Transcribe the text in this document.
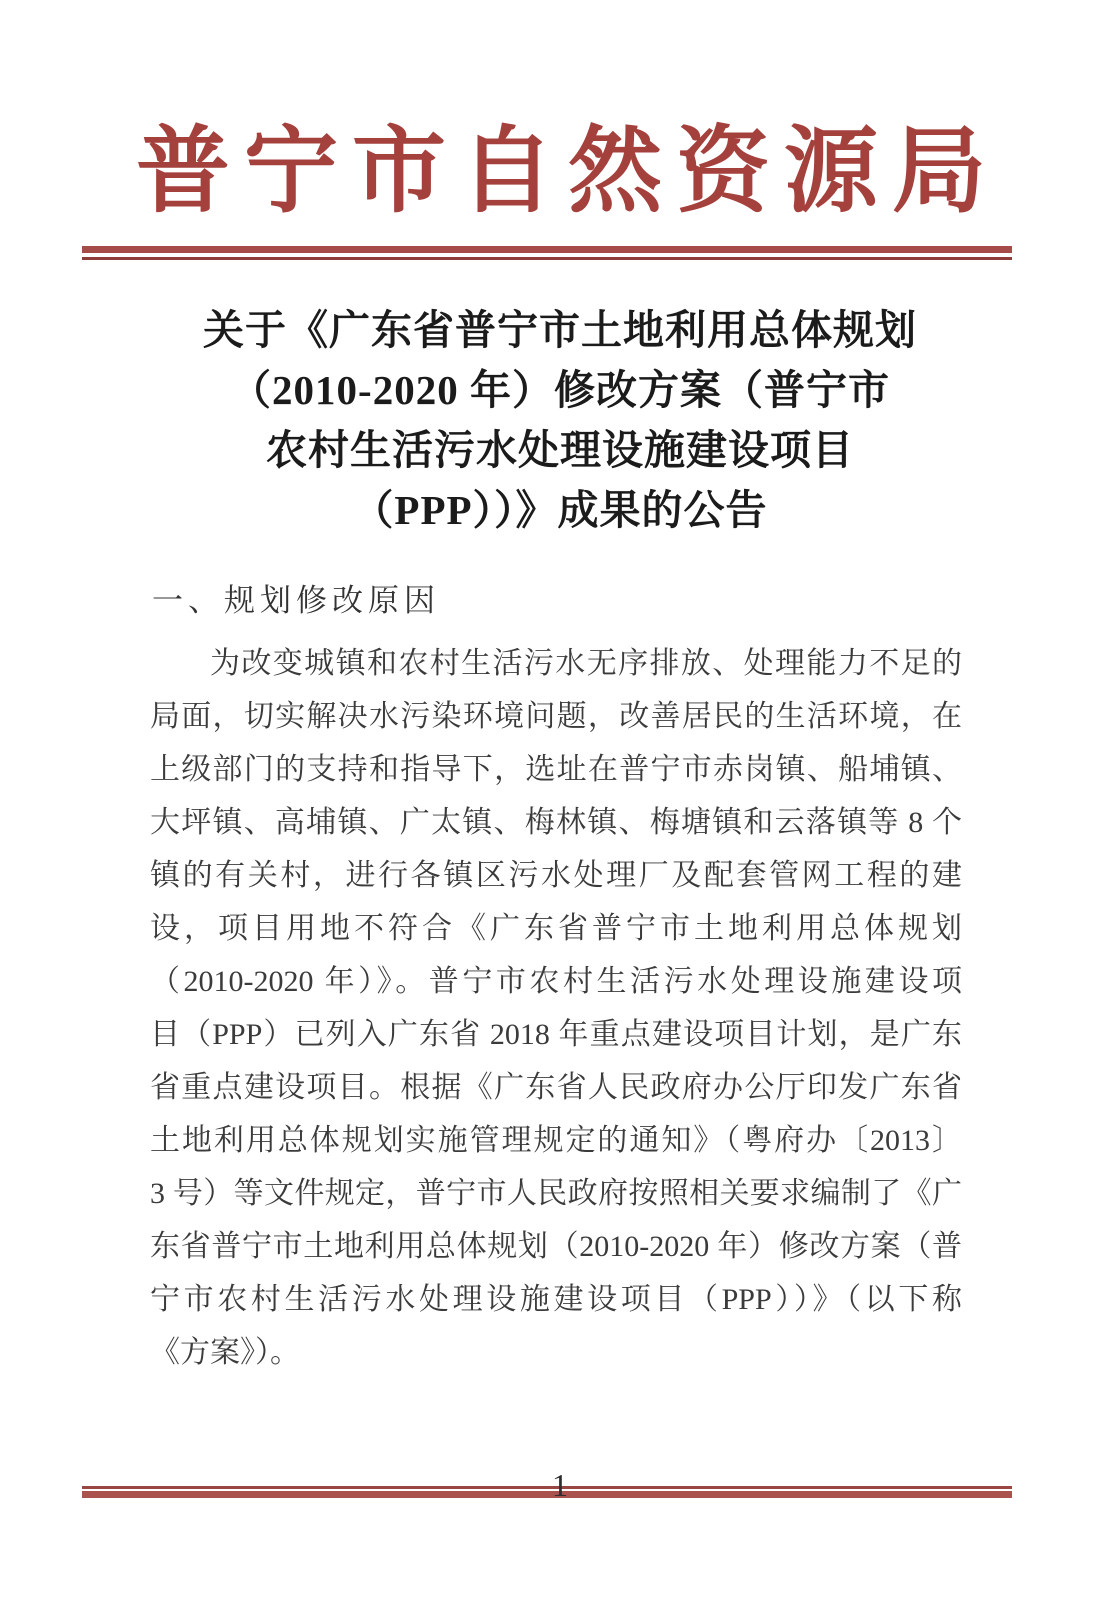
普宁市自然资源局
关于《广东省普宁市土地利用总体规划
（2010-2020 年）修改方案（普宁市
农村生活污水处理设施建设项目
（PPP））》成果的公告
一、规划修改原因
为改变城镇和农村生活污水无序排放、处理能力不足的
局面，切实解决水污染环境问题，改善居民的生活环境，在
上级部门的支持和指导下，选址在普宁市赤岗镇、船埔镇、
大坪镇、高埔镇、广太镇、梅林镇、梅塘镇和云落镇等 8 个
镇的有关村，进行各镇区污水处理厂及配套管网工程的建
设，项目用地不符合《广东省普宁市土地利用总体规划
（2010-2020 年）》。普宁市农村生活污水处理设施建设项
目（PPP）已列入广东省 2018 年重点建设项目计划，是广东
省重点建设项目。根据《广东省人民政府办公厅印发广东省
土地利用总体规划实施管理规定的通知》（粤府办〔2013〕
3 号）等文件规定，普宁市人民政府按照相关要求编制了《广
东省普宁市土地利用总体规划（2010-2020 年）修改方案（普
宁市农村生活污水处理设施建设项目（PPP））》（以下称
《方案》）。
1
